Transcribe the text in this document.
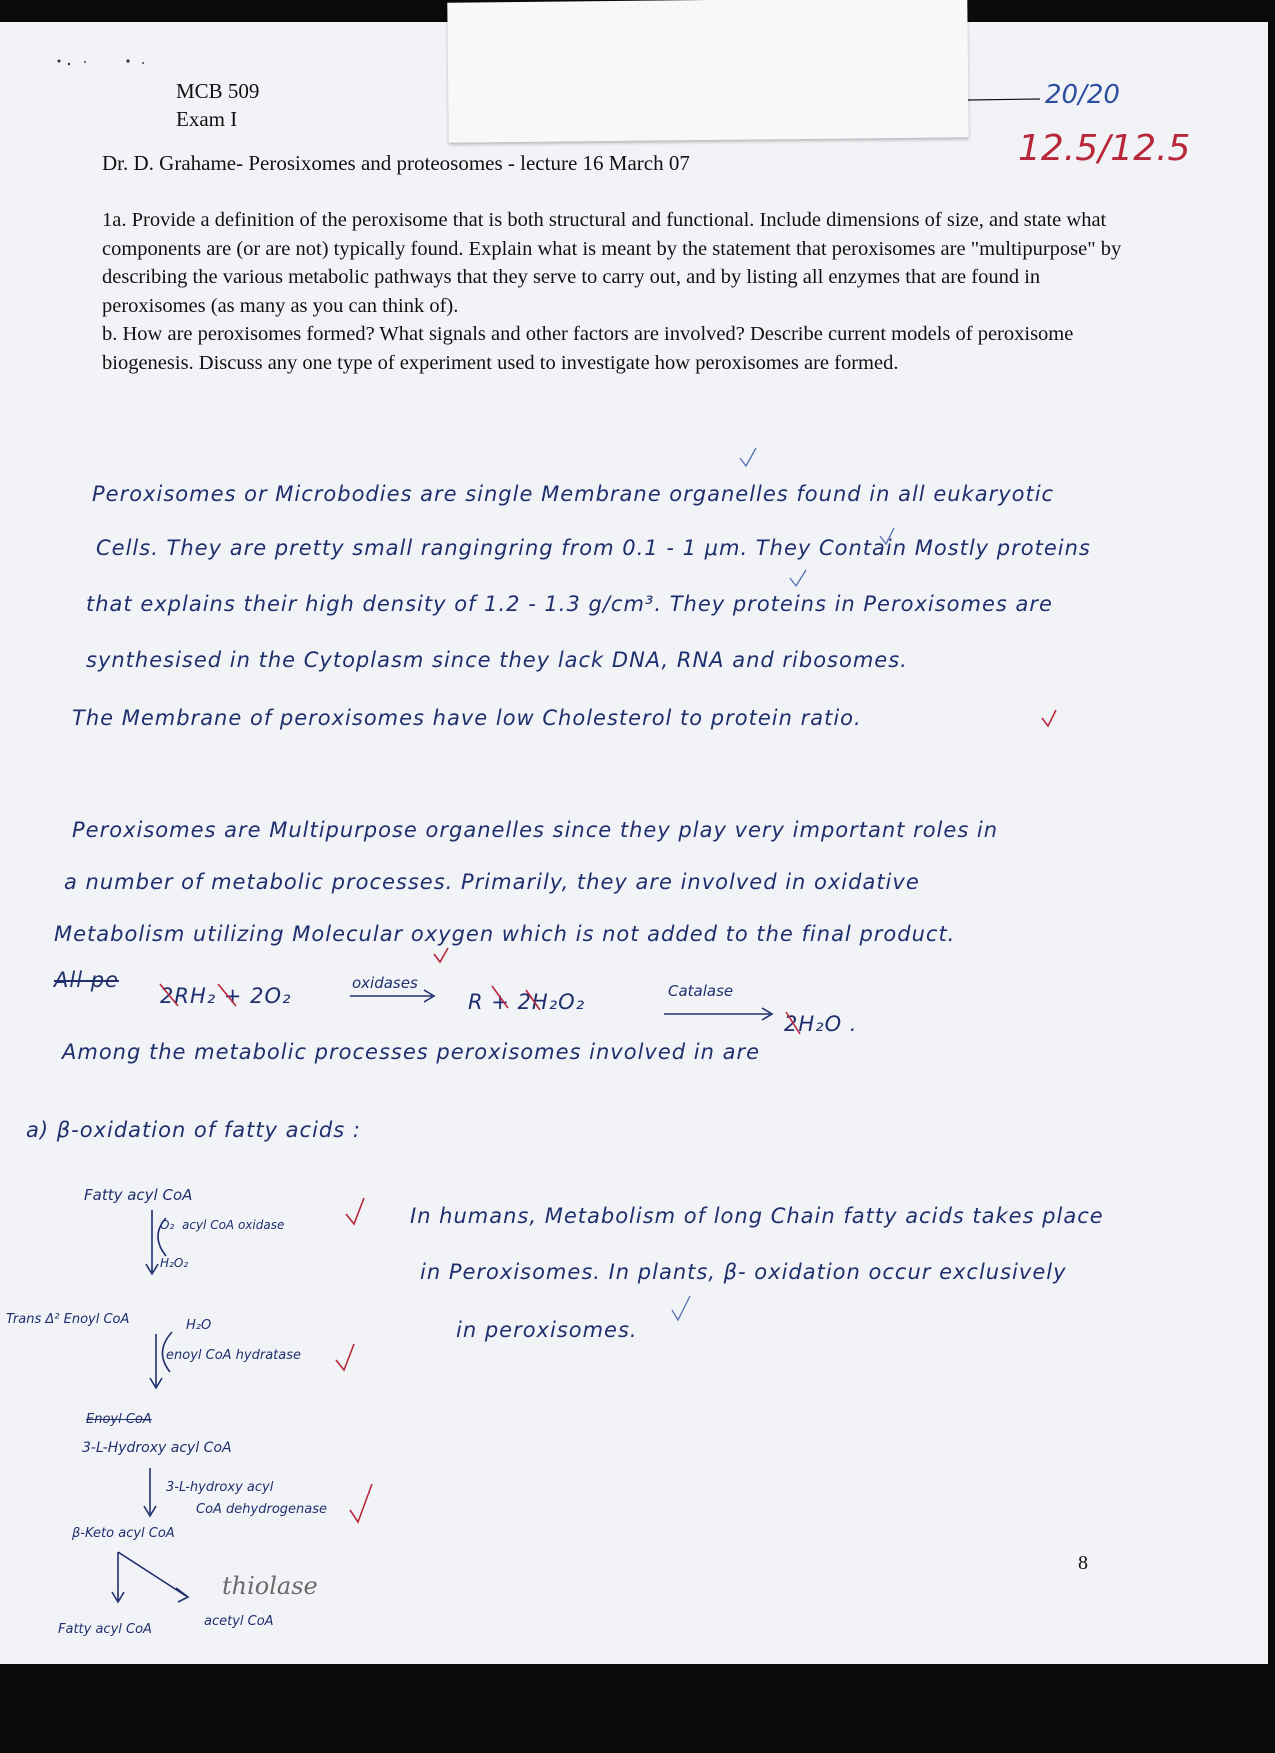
MCB 509
Exam I
Dr. D. Grahame- Perosixomes and proteosomes - lecture 16 March 07
20/20
12.5/12.5

1a. Provide a definition of the peroxisome that is both structural and functional. Include dimensions of size, and state what components are (or are not) typically found. Explain what is meant by the statement that peroxisomes are "multipurpose" by describing the various metabolic pathways that they serve to carry out, and by listing all enzymes that are found in peroxisomes (as many as you can think of).

b. How are peroxisomes formed? What signals and other factors are involved? Describe current models of peroxisome biogenesis. Discuss any one type of experiment used to investigate how peroxisomes are formed.

Peroxisomes or Microbodies are single Membrane organelles found in all eukaryotic
Cells. They are pretty small rangingring from 0.1 - 1 μm. They Contain Mostly proteins
that explains their high density of 1.2 - 1.3 g/cm³. They proteins in Peroxisomes are
synthesised in the Cytoplasm since they lack DNA, RNA and ribosomes.
The Membrane of peroxisomes have low Cholesterol to protein ratio.
Peroxisomes are Multipurpose organelles since they play very important roles in
a number of metabolic processes. Primarily, they are involved in oxidative
Metabolism utilizing Molecular oxygen which is not added to the final product.
All pe
2RH₂ + 2O₂
oxidases
R + 2H₂O₂	Catalase
2H₂O .
Among the metabolic processes peroxisomes involved in are
a) β-oxidation of fatty acids :
In humans, Metabolism of long Chain fatty acids takes place
in Peroxisomes. In plants, β- oxidation occur exclusively
in peroxisomes.
Fatty acyl CoA
O₂ acyl CoA oxidase
H₂O₂
Trans Δ² Enoyl CoA	H₂O
enoyl CoA hydratase
Enoyl CoA
3-L-Hydroxy acyl CoA
3-L-hydroxy acyl
CoA dehydrogenase
β-Keto acyl CoA
thiolase
Fatty acyl CoA
acetyl CoA
8
